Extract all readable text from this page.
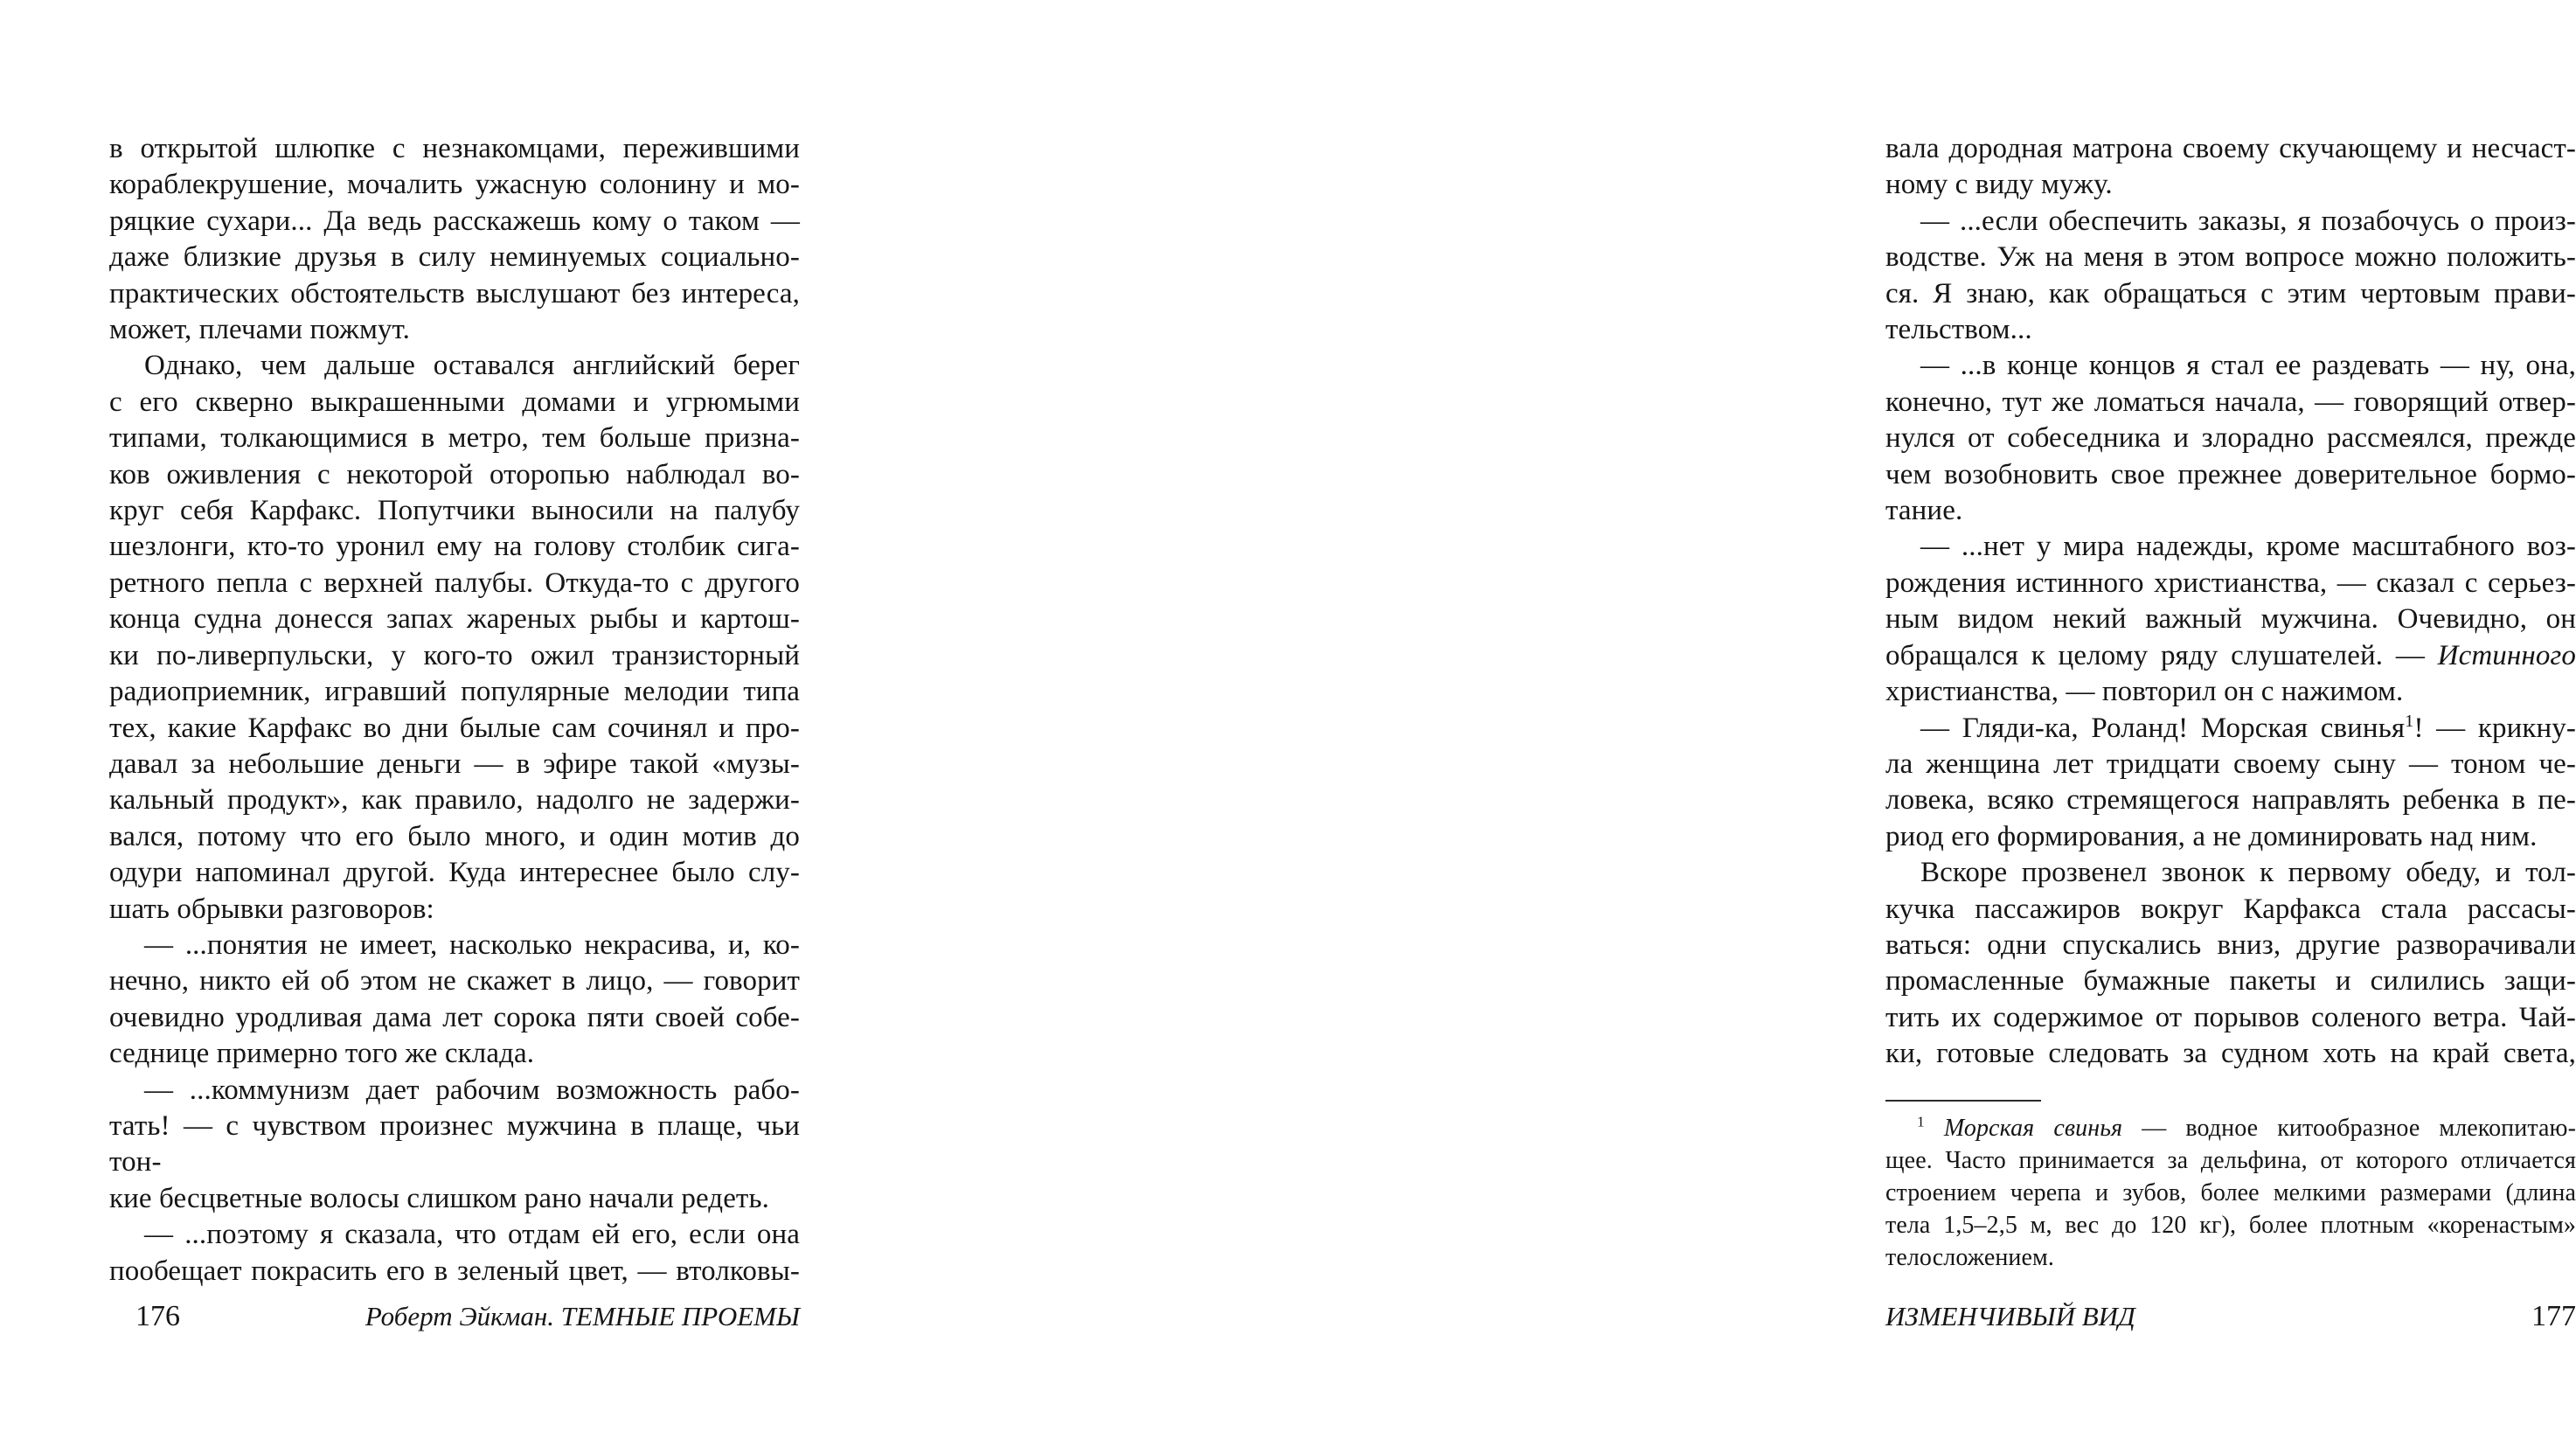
в открытой шлюпке с незнакомцами, пережившими
кораблекрушение, мочалить ужасную солонину и мо-
ряцкие сухари... Да ведь расскажешь кому о таком —
даже близкие друзья в силу неминуемых социально-
практических обстоятельств выслушают без интереса,
может, плечами пожмут.
Однако, чем дальше оставался английский берег
с его скверно выкрашенными домами и угрюмыми
типами, толкающимися в метро, тем больше призна-
ков оживления с некоторой оторопью наблюдал во-
круг себя Карфакс. Попутчики выносили на палубу
шезлонги, кто-то уронил ему на голову столбик сига-
ретного пепла с верхней палубы. Откуда-то с другого
конца судна донесся запах жареных рыбы и картош-
ки по-ливерпульски, у кого-то ожил транзисторный
радиоприемник, игравший популярные мелодии типа
тех, какие Карфакс во дни былые сам сочинял и про-
давал за небольшие деньги — в эфире такой «музы-
кальный продукт», как правило, надолго не задержи-
вался, потому что его было много, и один мотив до
одури напоминал другой. Куда интереснее было слу-
шать обрывки разговоров:
— ...понятия не имеет, насколько некрасива, и, ко-
нечно, никто ей об этом не скажет в лицо, — говорит
очевидно уродливая дама лет сорока пяти своей собе-
седнице примерно того же склада.
— ...коммунизм дает рабочим возможность рабо-
тать! — с чувством произнес мужчина в плаще, чьи тон-
кие бесцветные волосы слишком рано начали редеть.
— ...поэтому я сказала, что отдам ей его, если она
пообещает покрасить его в зеленый цвет, — втолковы-
176	Роберт Эйкман. ТЕМНЫЕ ПРОЕМЫ
вала дородная матрона своему скучающему и несчаст-
ному с виду мужу.
— ...если обеспечить заказы, я позабочусь о произ-
водстве. Уж на меня в этом вопросе можно положить-
ся. Я знаю, как обращаться с этим чертовым прави-
тельством...
— ...в конце концов я стал ее раздевать — ну, она,
конечно, тут же ломаться начала, — говорящий отвер-
нулся от собеседника и злорадно рассмеялся, прежде
чем возобновить свое прежнее доверительное бормо-
тание.
— ...нет у мира надежды, кроме масштабного воз-
рождения истинного христианства, — сказал с серьез-
ным видом некий важный мужчина. Очевидно, он
обращался к целому ряду слушателей. — Истинного
христианства, — повторил он с нажимом.
— Гляди-ка, Роланд! Морская свинья$^1$! — крикну-
ла женщина лет тридцати своему сыну — тоном че-
ловека, всяко стремящегося направлять ребенка в пе-
риод его формирования, а не доминировать над ним.
Вскоре прозвенел звонок к первому обеду, и тол-
кучка пассажиров вокруг Карфакса стала рассасы-
ваться: одни спускались вниз, другие разворачивали
промасленные бумажные пакеты и силились защи-
тить их содержимое от порывов соленого ветра. Чай-
ки, готовые следовать за судном хоть на край света,
$^1$ Морская свинья — водное китообразное млекопитаю-
щее. Часто принимается за дельфина, от которого отличается
строением черепа и зубов, более мелкими размерами (длина
тела 1,5–2,5 м, вес до 120 кг), более плотным «коренастым»
телосложением.
ИЗМЕНЧИВЫЙ ВИД	177
